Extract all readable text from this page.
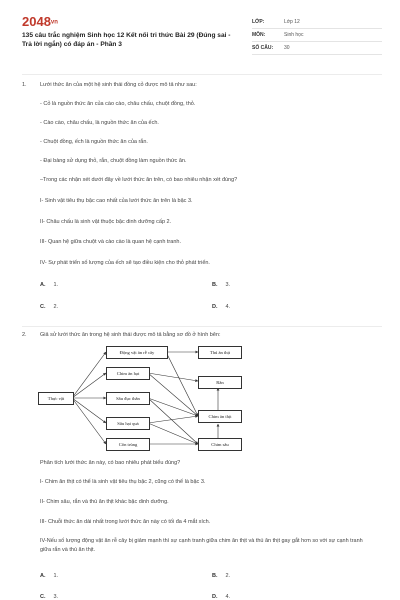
2048vn
135 câu trắc nghiệm Sinh học 12 Kết nối tri thức Bài 29 (Đúng sai - Trả lời ngắn) có đáp án - Phần 3
LỚP:	Lớp 12
MÔN:	Sinh học
SỐ CÂU:	30
1. Lưới thức ăn của một hệ sinh thái đồng cỏ được mô tả như sau:
- Cỏ là nguồn thức ăn của cào cào, châu chấu, chuột đồng, thỏ.
- Cào cào, châu chấu, là nguồn thức ăn của ếch.
- Chuột đồng, ếch là nguồn thức ăn của rắn.
- Đại bàng sử dụng thỏ, rắn, chuột đồng làm nguồn thức ăn.
–Trong các nhận xét dưới đây về lưới thức ăn trên, có bao nhiêu nhận xét đúng?
I- Sinh vật tiêu thụ bậc cao nhất của lưới thức ăn trên là bậc 3.
II- Châu chấu là sinh vật thuộc bậc dinh dưỡng cấp 2.
III- Quan hệ giữa chuột và cào cào là quan hệ cạnh tranh.
IV- Sự phát triển số lượng của ếch sẽ tạo điều kiện cho thỏ phát triển.
A. 1.	B. 3.
C. 2.	D. 4.
2. Giả sử lưới thức ăn trong hệ sinh thái được mô tả bằng sơ đồ ở hình bên:
Thực vật
Động vật ăn rễ cây
Chim ăn hạt
Sâu đục thân
Sâu hại quả
Côn trùng
Thú ăn thịt
Rắn
Chim ăn thịt
Chim sâu
Phân tích lưới thức ăn này, có bao nhiêu phát biểu đúng?
I- Chim ăn thịt có thể là sinh vật tiêu thụ bậc 2, cũng có thể là bậc 3.
II- Chim sâu, rắn và thú ăn thịt khác bậc dinh dưỡng.
III- Chuỗi thức ăn dài nhất trong lưới thức ăn này có tối đa 4 mắt xích.
IV-Nếu số lượng động vật ăn rễ cây bị giảm mạnh thì sự cạnh tranh giữa chim ăn thịt và thú ăn thịt gay gắt hơn so với sự cạnh tranh giữa rắn và thú ăn thịt.
A. 1.	B. 2.
C. 3.	D. 4.
